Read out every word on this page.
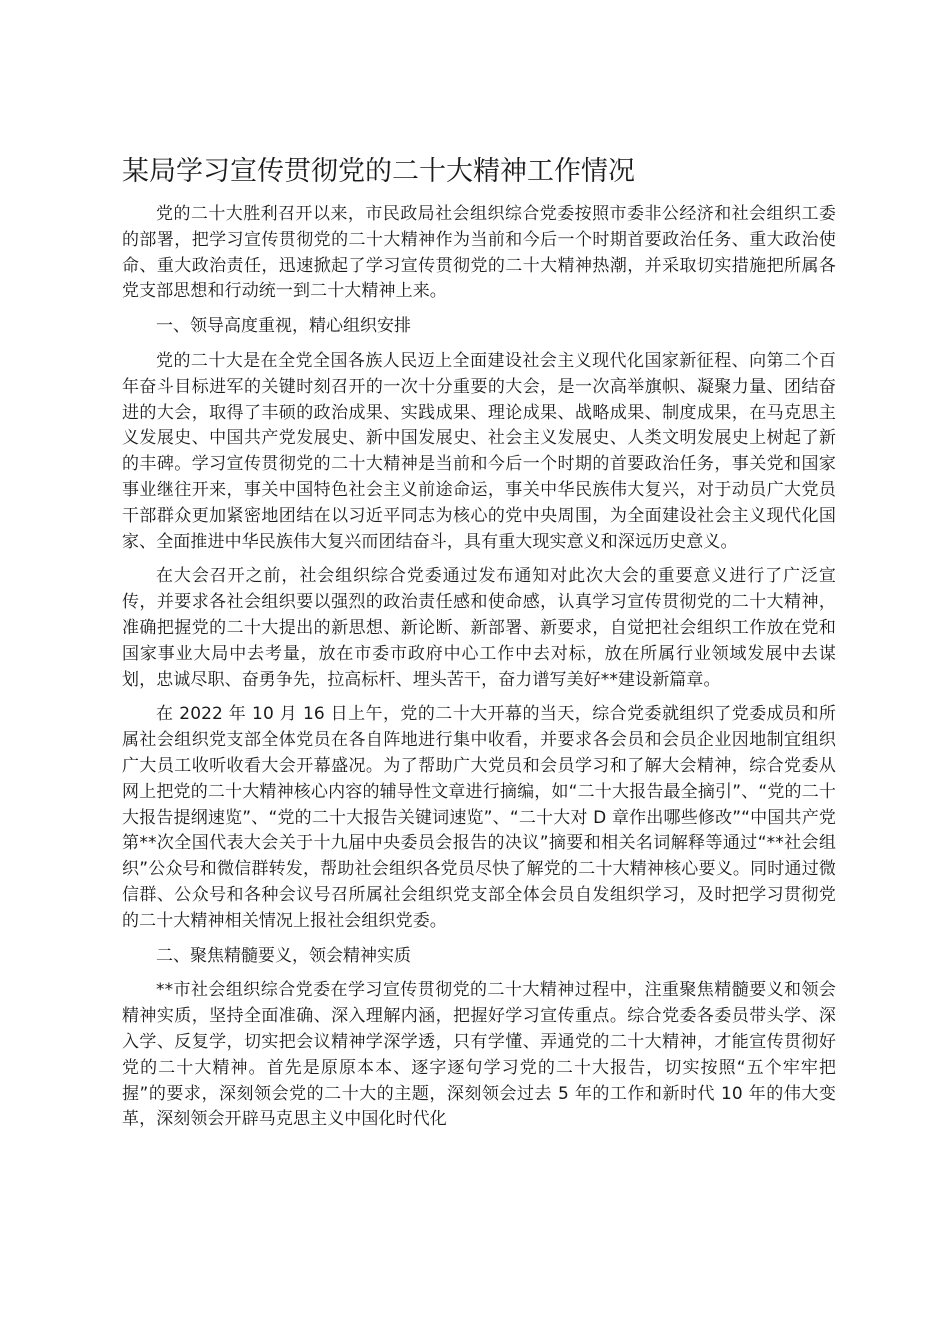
某局学习宣传贯彻党的二十大精神工作情况

党的二十大胜利召开以来，市民政局社会组织综合党委按照市委非公经济和社会组织工委的部署，把学习宣传贯彻党的二十大精神作为当前和今后一个时期首要政治任务、重大政治使命、重大政治责任，迅速掀起了学习宣传贯彻党的二十大精神热潮，并采取切实措施把所属各党支部思想和行动统一到二十大精神上来。

一、领导高度重视，精心组织安排

党的二十大是在全党全国各族人民迈上全面建设社会主义现代化国家新征程、向第二个百年奋斗目标进军的关键时刻召开的一次十分重要的大会，是一次高举旗帜、凝聚力量、团结奋进的大会，取得了丰硕的政治成果、实践成果、理论成果、战略成果、制度成果，在马克思主义发展史、中国共产党发展史、新中国发展史、社会主义发展史、人类文明发展史上树起了新的丰碑。学习宣传贯彻党的二十大精神是当前和今后一个时期的首要政治任务，事关党和国家事业继往开来，事关中国特色社会主义前途命运，事关中华民族伟大复兴，对于动员广大党员干部群众更加紧密地团结在以习近平同志为核心的党中央周围，为全面建设社会主义现代化国家、全面推进中华民族伟大复兴而团结奋斗，具有重大现实意义和深远历史意义。

在大会召开之前，社会组织综合党委通过发布通知对此次大会的重要意义进行了广泛宣传，并要求各社会组织要以强烈的政治责任感和使命感，认真学习宣传贯彻党的二十大精神，准确把握党的二十大提出的新思想、新论断、新部署、新要求，自觉把社会组织工作放在党和国家事业大局中去考量，放在市委市政府中心工作中去对标，放在所属行业领域发展中去谋划，忠诚尽职、奋勇争先，拉高标杆、埋头苦干，奋力谱写美好**建设新篇章。

在 2022 年 10 月 16 日上午，党的二十大开幕的当天，综合党委就组织了党委成员和所属社会组织党支部全体党员在各自阵地进行集中收看，并要求各会员和会员企业因地制宜组织广大员工收听收看大会开幕盛况。为了帮助广大党员和会员学习和了解大会精神，综合党委从网上把党的二十大精神核心内容的辅导性文章进行摘编，如“二十大报告最全摘引”、“党的二十大报告提纲速览”、“党的二十大报告关键词速览”、“二十大对 D 章作出哪些修改”“中国共产党第**次全国代表大会关于十九届中央委员会报告的决议”摘要和相关名词解释等通过“**社会组织”公众号和微信群转发，帮助社会组织各党员尽快了解党的二十大精神核心要义。同时通过微信群、公众号和各种会议号召所属社会组织党支部全体会员自发组织学习，及时把学习贯彻党的二十大精神相关情况上报社会组织党委。

二、聚焦精髓要义，领会精神实质

**市社会组织综合党委在学习宣传贯彻党的二十大精神过程中，注重聚焦精髓要义和领会精神实质，坚持全面准确、深入理解内涵，把握好学习宣传重点。综合党委各委员带头学、深入学、反复学，切实把会议精神学深学透，只有学懂、弄通党的二十大精神，才能宣传贯彻好党的二十大精神。首先是原原本本、逐字逐句学习党的二十大报告，切实按照“五个牢牢把握”的要求，深刻领会党的二十大的主题，深刻领会过去 5 年的工作和新时代 10 年的伟大变革，深刻领会开辟马克思主义中国化时代化
